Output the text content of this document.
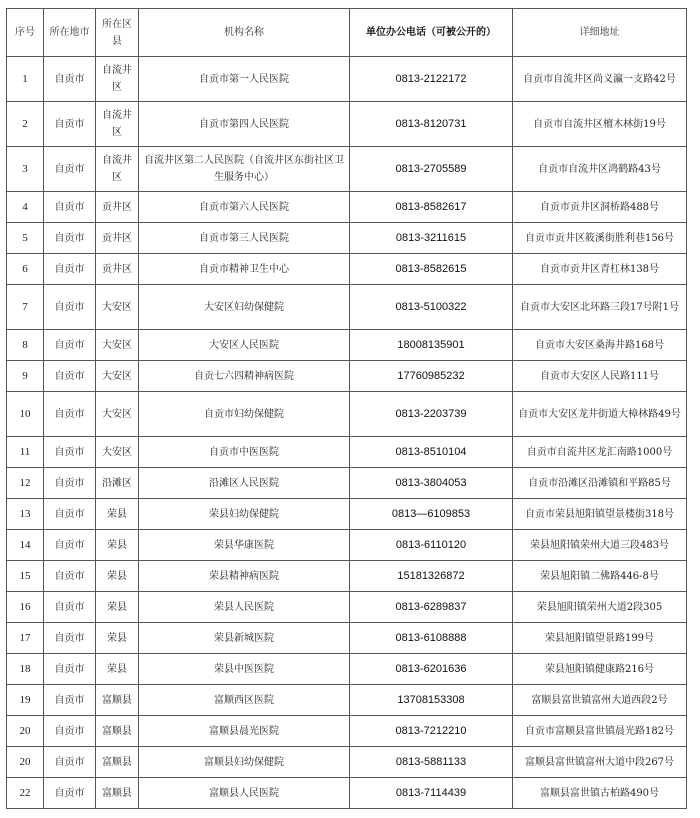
序号	所在地市	所在区县	机构名称	单位办公电话（可被公开的）	详细地址
1	自贡市	自流井区	自贡市第一人民医院	0813-2122172	自贡市自流井区尚义瀛一支路42号
2	自贡市	自流井区	自贡市第四人民医院	0813-8120731	自贡市自流井区檀木林街19号
3	自贡市	自流井区	自流井区第二人民医院（自流井区东街社区卫生服务中心）	0813-2705589	自贡市自流井区鸿鹤路43号
4	自贡市	贡井区	自贡市第六人民医院	0813-8582617	自贡市贡井区洞桥路488号
5	自贡市	贡井区	自贡市第三人民医院	0813-3211615	自贡市贡井区筱溪街胜利巷156号
6	自贡市	贡井区	自贡市精神卫生中心	0813-8582615	自贡市贡井区青杠林138号
7	自贡市	大安区	大安区妇幼保健院	0813-5100322	自贡市大安区北环路三段17号附1号
8	自贡市	大安区	大安区人民医院	18008135901	自贡市大安区桑海井路168号
9	自贡市	大安区	自贡七六四精神病医院	17760985232	自贡市大安区人民路111号
10	自贡市	大安区	自贡市妇幼保健院	0813-2203739	自贡市大安区龙井街道大樟林路49号
11	自贡市	大安区	自贡市中医医院	0813-8510104	自贡市自流井区龙汇南路1000号
12	自贡市	沿滩区	沿滩区人民医院	0813-3804053	自贡市沿滩区沿滩镇和平路85号
13	自贡市	荣县	荣县妇幼保健院	0813—6109853	自贡市荣县旭阳镇望景楼街318号
14	自贡市	荣县	荣县华康医院	0813-6110120	荣县旭阳镇荣州大道三段483号
15	自贡市	荣县	荣县精神病医院	15181326872	荣县旭阳镇二佛路446-8号
16	自贡市	荣县	荣县人民医院	0813-6289837	荣县旭阳镇荣州大道2段305
17	自贡市	荣县	荣县新城医院	0813-6108888	荣县旭阳镇望景路199号
18	自贡市	荣县	荣县中医医院	0813-6201636	荣县旭阳镇健康路216号
19	自贡市	富顺县	富顺西区医院	13708153308	富顺县富世镇富州大道西段2号
20	自贡市	富顺县	富顺县晨光医院	0813-7212210	自贡市富顺县富世镇晨光路182号
20	自贡市	富顺县	富顺县妇幼保健院	0813-5881133	富顺县富世镇富州大道中段267号
22	自贡市	富顺县	富顺县人民医院	0813-7114439	富顺县富世镇古柏路490号
